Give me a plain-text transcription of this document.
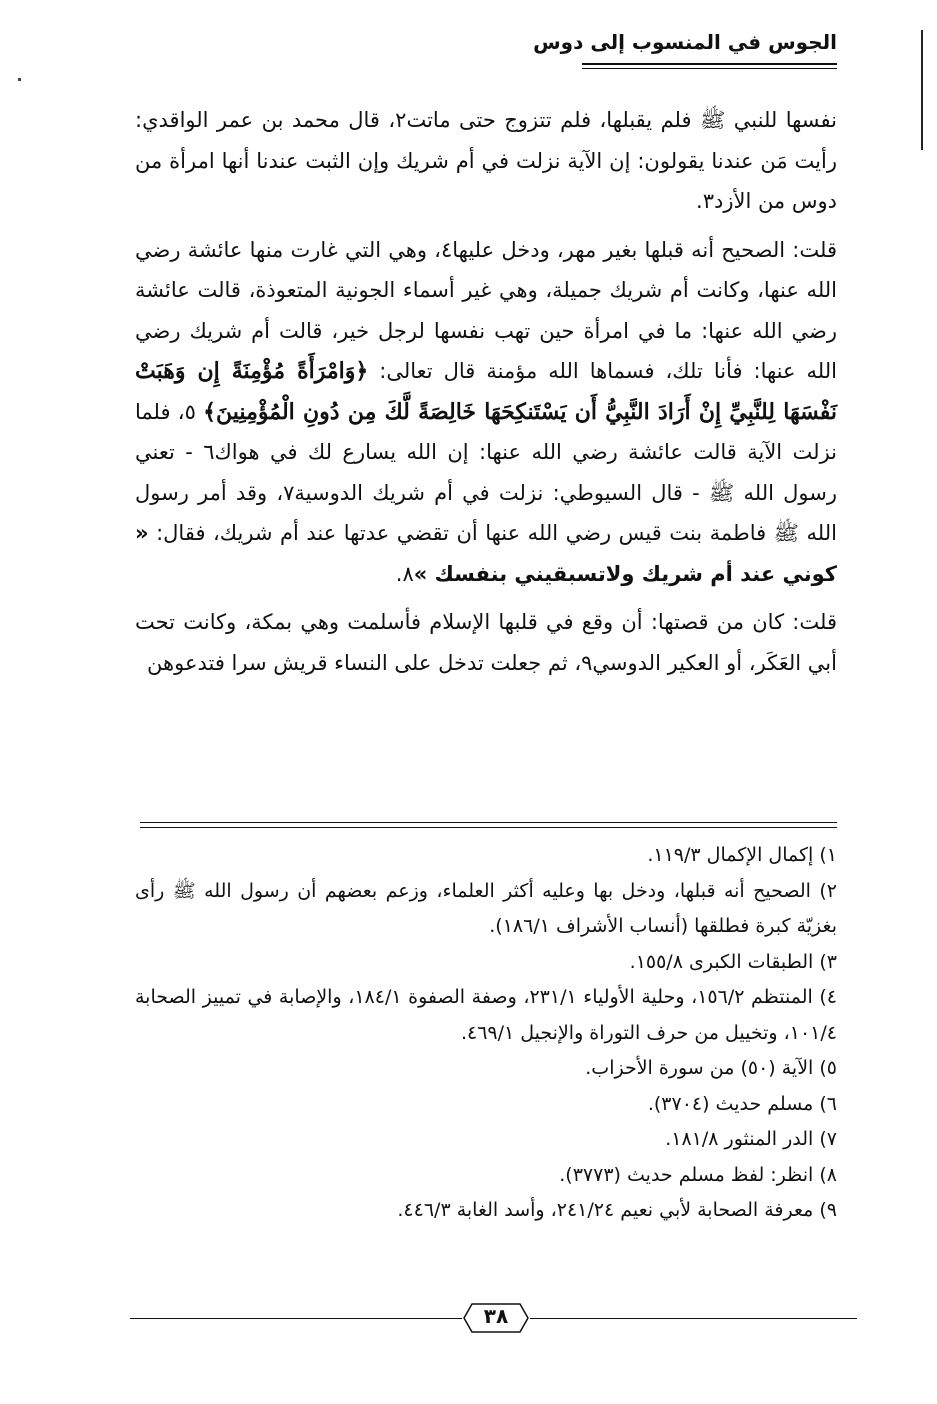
الجوس في المنسوب إلى دوس

نفسها للنبي ﷺ فلم يقبلها، فلم تتزوج حتى ماتت٢، قال محمد بن عمر الواقدي: رأيت مَن عندنا يقولون: إن الآية نزلت في أم شريك وإن الثبت عندنا أنها امرأة من دوس من الأزد٣.

قلت: الصحيح أنه قبلها بغير مهر، ودخل عليها٤، وهي التي غارت منها عائشة رضي الله عنها، وكانت أم شريك جميلة، وهي غير أسماء الجونية المتعوذة، قالت عائشة رضي الله عنها: ما في امرأة حين تهب نفسها لرجل خير، قالت أم شريك رضي الله عنها: فأنا تلك، فسماها الله مؤمنة قال تعالى: ﴿وَامْرَأَةً مُؤْمِنَةً إِن وَهَبَتْ نَفْسَهَا لِلنَّبِيِّ إِنْ أَرَادَ النَّبِيُّ أَن يَسْتَنكِحَهَا خَالِصَةً لَّكَ مِن دُونِ الْمُؤْمِنِينَ﴾ ٥، فلما نزلت الآية قالت عائشة رضي الله عنها: إن الله يسارع لك في هواك٦ - تعني رسول الله ﷺ - قال السيوطي: نزلت في أم شريك الدوسية٧، وقد أمر رسول الله ﷺ فاطمة بنت قيس رضي الله عنها أن تقضي عدتها عند أم شريك، فقال: « كوني عند أم شريك ولاتسبقيني بنفسك »٨.

قلت: كان من قصتها: أن وقع في قلبها الإسلام فأسلمت وهي بمكة، وكانت تحت أبي العَكَر، أو العكير الدوسي٩، ثم جعلت تدخل على النساء قريش سرا فتدعوهن

١) إكمال الإكمال ١١٩/٣.

٢) الصحيح أنه قبلها، ودخل بها وعليه أكثر العلماء، وزعم بعضهم أن رسول الله ﷺ رأى بغزيّة كبرة فطلقها (أنساب الأشراف ١٨٦/١).

٣) الطبقات الكبرى ١٥٥/٨.

٤) المنتظم ١٥٦/٢، وحلية الأولياء ٢٣١/١، وصفة الصفوة ١٨٤/١، والإصابة في تمييز الصحابة ١٠١/٤، وتخييل من حرف التوراة والإنجيل ٤٦٩/١.

٥) الآية (٥٠) من سورة الأحزاب.

٦) مسلم حديث (٣٧٠٤).

٧) الدر المنثور ١٨١/٨.

٨) انظر: لفظ مسلم حديث (٣٧٧٣).

٩) معرفة الصحابة لأبي نعيم ٢٤١/٢٤، وأسد الغابة ٤٤٦/٣.

٣٨
